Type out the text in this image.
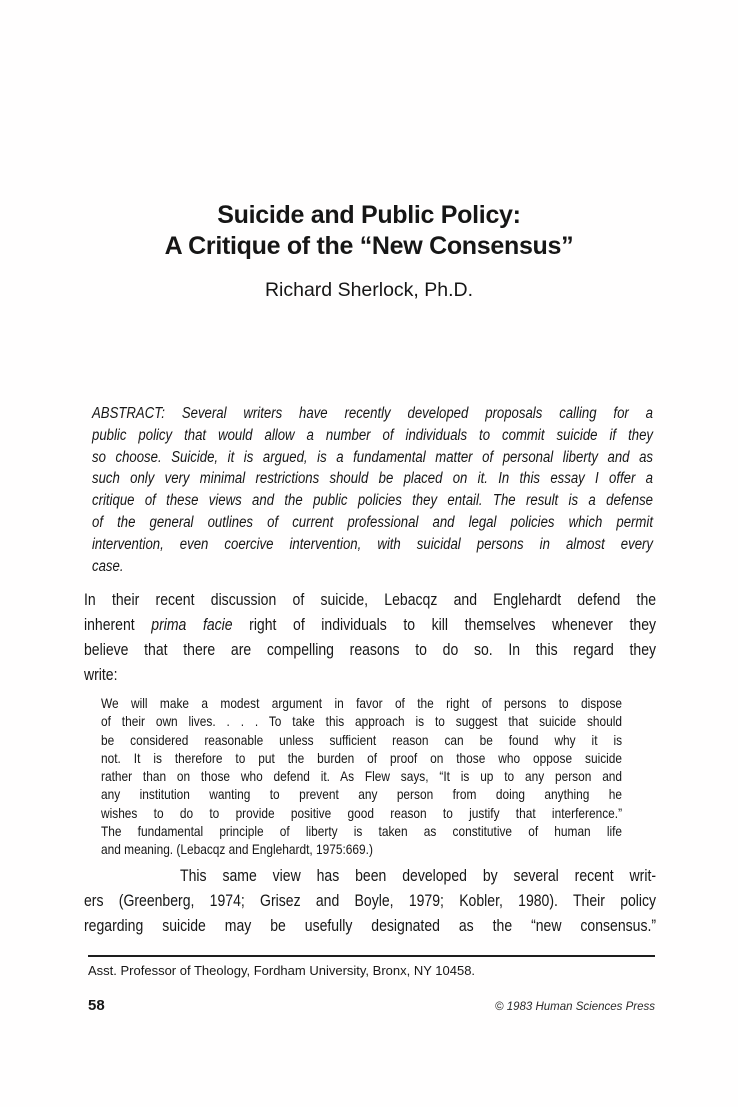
Suicide and Public Policy:
A Critique of the “New Consensus”
Richard Sherlock, Ph.D.
ABSTRACT: Several writers have recently developed proposals calling for a
public policy that would allow a number of individuals to commit suicide if they
so choose. Suicide, it is argued, is a fundamental matter of personal liberty and as
such only very minimal restrictions should be placed on it. In this essay I offer a
critique of these views and the public policies they entail. The result is a defense
of the general outlines of current professional and legal policies which permit
intervention, even coercive intervention, with suicidal persons in almost every
case.
In their recent discussion of suicide, Lebacqz and Englehardt defend the
inherent prima facie right of individuals to kill themselves whenever they
believe that there are compelling reasons to do so. In this regard they
write:
We will make a modest argument in favor of the right of persons to dispose
of their own lives. . . . To take this approach is to suggest that suicide should
be considered reasonable unless sufficient reason can be found why it is
not. It is therefore to put the burden of proof on those who oppose suicide
rather than on those who defend it. As Flew says, “It is up to any person and
any institution wanting to prevent any person from doing anything he
wishes to do to provide positive good reason to justify that interference.”
The fundamental principle of liberty is taken as constitutive of human life
and meaning. (Lebacqz and Englehardt, 1975:669.)
This same view has been developed by several recent writ-
ers (Greenberg, 1974; Grisez and Boyle, 1979; Kobler, 1980). Their policy
regarding suicide may be usefully designated as the “new consensus.”
Asst. Professor of Theology, Fordham University, Bronx, NY 10458.
58	© 1983 Human Sciences Press
